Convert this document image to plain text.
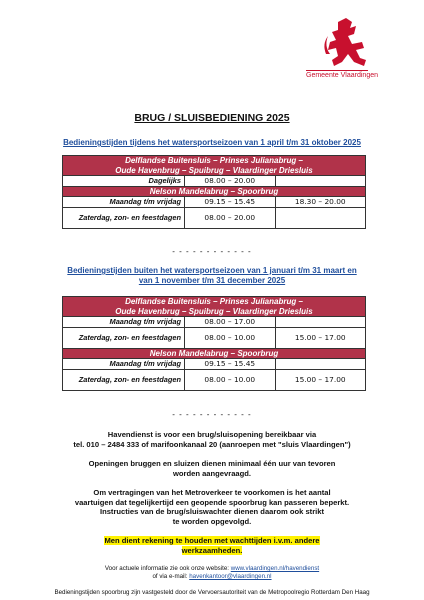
Gemeente Vlaardingen
BRUG / SLUISBEDIENING 2025
Bedieningstijden tijdens het watersportseizoen van 1 april t/m 31 oktober 2025
Delflandse Buitensluis – Prinses Julianabrug –
Oude Havenbrug – Spuibrug – Vlaardinger Driesluis		
Dagelijks	08.00 – 20.00	
Nelson Mandelabrug – Spoorbrug		
Maandag t/m vrijdag	09.15 – 15.45	18.30 – 20.00
Zaterdag, zon- en feestdagen	08.00 – 20.00	
- - - - - - - - - - - -
Bedieningstijden buiten het watersportseizoen van 1 januari t/m 31 maart en
van 1 november t/m 31 december 2025
Delflandse Buitensluis – Prinses Julianabrug –
Oude Havenbrug – Spuibrug – Vlaardinger Driesluis		
Maandag t/m vrijdag	08.00 – 17.00	
Zaterdag, zon- en feestdagen	08.00 – 10.00	15.00 – 17.00
Nelson Mandelabrug – Spoorbrug		
Maandag t/m vrijdag	09.15 – 15.45	
Zaterdag, zon- en feestdagen	08.00 – 10.00	15.00 – 17.00
- - - - - - - - - - - -
Havendienst is voor een brug/sluisopening bereikbaar via
tel. 010 – 2484 333 of marifoonkanaal 20 (aanroepen met "sluis Vlaardingen")
Openingen bruggen en sluizen dienen minimaal één uur van tevoren
worden aangevraagd.
Om vertragingen van het Metroverkeer te voorkomen is het aantal
vaartuigen dat tegelijkertijd een geopende spoorbrug kan passeren beperkt.
Instructies van de brug/sluiswachter dienen daarom ook strikt
te worden opgevolgd.
Men dient rekening te houden met wachttijden i.v.m. andere
werkzaamheden.
Voor actuele informatie zie ook onze website: www.vlaardingen.nl/havendienst
of via e-mail: havenkantoor@vlaardingen.nl
Bedieningstijden spoorbrug zijn vastgesteld door de Vervoersautoriteit van de Metropoolregio Rotterdam Den Haag
